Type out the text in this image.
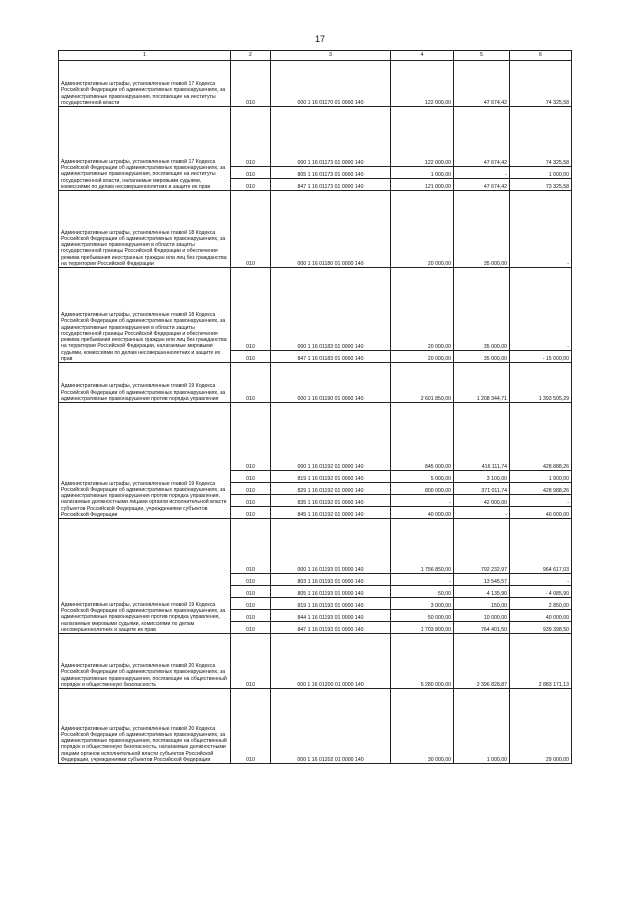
17
1	2	3	4	5	6
Административные штрафы, установленные главой 17 Кодекса Российской Федерации об административных правонарушениях, за административные правонарушения, посягающие на институты государственной власти	010	000 1 16 01170 01 0000 140	122 000,00	47 674,42	74 325,58
Административные штрафы, установленные главой 17 Кодекса Российской Федерации об административных правонарушениях, за административные правонарушения, посягающие на институты государственной власти, налагаемые мировыми судьями, комиссиями по делам несовершеннолетних и защите их прав	010	000 1 16 01173 01 0000 140	122 000,00	47 674,42	74 325,58
	010	805 1 16 01173 01 0000 140	1 000,00	-	1 000,00
	010	847 1 16 01173 01 0000 140	121 000,00	47 674,42	73 325,58
Административные штрафы, установленные главой 18 Кодекса Российской Федерации об административных правонарушениях, за административные правонарушения в области защиты государственной границы Российской Федерации и обеспечения режима пребывания иностранных граждан или лиц без гражданства на территории Российской Федерации	010	000 1 16 01180 01 0000 140	20 000,00	35 000,00	-
Административные штрафы, установленные главой 18 Кодекса Российской Федерации об административных правонарушениях, за административные правонарушения в области защиты государственной границы Российской Федерации и обеспечения режима пребывания иностранных граждан или лиц без гражданства на территории Российской Федерации, налагаемые мировыми судьями, комиссиями по делам несовершеннолетних и защите их прав	010	000 1 16 01183 01 0000 140	20 000,00	35 000,00	-
	010	847 1 16 01183 01 0000 140	20 000,00	35 000,00	- 15 000,00
Административные штрафы, установленные главой 19 Кодекса Российской Федерации об административных правонарушениях, за административные правонарушения против порядка управления	010	000 1 16 01190 01 0000 140	2 601 850,00	1 208 344,71	1 393 505,29
Административные штрафы, установленные главой 19 Кодекса Российской Федерации об административных правонарушениях, за административные правонарушения против порядка управления, налагаемые должностными лицами органов исполнительной власти субъектов Российской Федерации, учреждениями субъектов Российской Федерации	010	000 1 16 01192 01 0000 140	845 000,00	416 111,74	428 888,26
	010	819 1 16 01192 01 0000 140	5 000,00	3 100,00	1 900,00
	010	829 1 16 01192 01 0000 140	800 000,00	371 011,74	428 988,26
	010	835 1 16 01192 01 0000 140	-	42 000,00	-
	010	845 1 16 01192 01 0000 140	40 000,00	-	40 000,00
Административные штрафы, установленные главой 19 Кодекса Российской Федерации об административных правонарушениях, за административные правонарушения против порядка управления, налагаемые мировыми судьями, комиссиями по делам несовершеннолетних и защите их прав	010	000 1 16 01193 01 0000 140	1 756 850,00	792 232,97	964 617,03
	010	803 1 16 01193 01 0000 140	-	13 545,57	-
	010	805 1 16 01193 01 0000 140	50,00	4 135,90	- 4 085,90
	010	819 1 16 01193 01 0000 140	3 000,00	150,00	2 850,00
	010	844 1 16 01193 01 0000 140	50 000,00	10 000,00	40 000,00
	010	847 1 16 01193 01 0000 140	1 703 800,00	764 401,50	939 398,50
Административные штрафы, установленные главой 20 Кодекса Российской Федерации об административных правонарушениях, за административные правонарушения, посягающие на общественный порядок и общественную безопасность	010	000 1 16 01200 01 0000 140	5 280 000,00	2 396 828,87	2 883 171,13
Административные штрафы, установленные главой 20 Кодекса Российской Федерации об административных правонарушениях, за административные правонарушения, посягающие на общественный порядок и общественную безопасность, налагаемые должностными лицами органов исполнительной власти субъектов Российской Федерации, учреждениями субъектов Российской Федерации	010	000 1 16 01202 01 0000 140	30 000,00	1 000,00	29 000,00
